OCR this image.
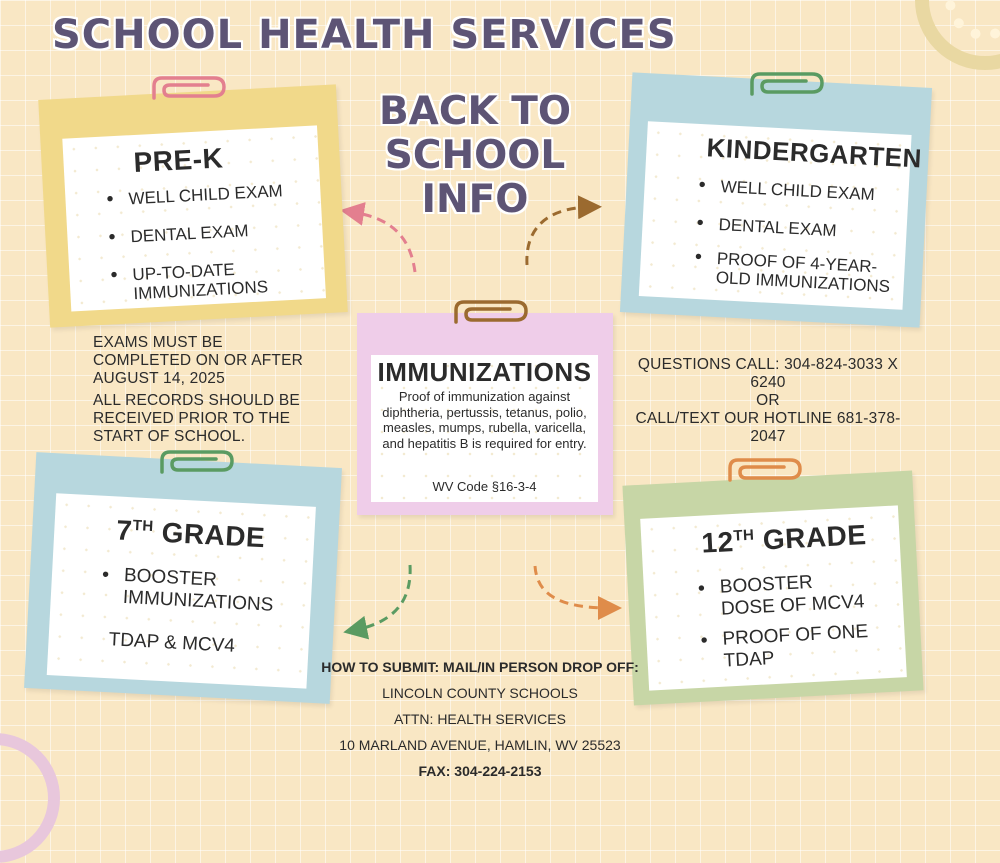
SCHOOL HEALTH SERVICES
BACK TO
SCHOOL
INFO
PRE-K
• WELL CHILD EXAM
• DENTAL EXAM
• UP-TO-DATE IMMUNIZATIONS
KINDERGARTEN
• WELL CHILD EXAM
• DENTAL EXAM
• PROOF OF 4-YEAR-OLD IMMUNIZATIONS
IMMUNIZATIONS
Proof of immunization against diphtheria, pertussis, tetanus, polio, measles, mumps, rubella, varicella, and hepatitis B is required for entry.
WV Code §16-3-4
EXAMS MUST BE COMPLETED ON OR AFTER AUGUST 14, 2025
ALL RECORDS SHOULD BE RECEIVED PRIOR TO THE START OF SCHOOL.
QUESTIONS CALL: 304-824-3033 X 6240
OR
CALL/TEXT OUR HOTLINE 681-378-2047
7TH GRADE
• BOOSTER IMMUNIZATIONS
TDAP & MCV4
12TH GRADE
• BOOSTER DOSE OF MCV4
• PROOF OF ONE TDAP
HOW TO SUBMIT: MAIL/IN PERSON DROP OFF:
LINCOLN COUNTY SCHOOLS
ATTN: HEALTH SERVICES
10 MARLAND AVENUE, HAMLIN, WV 25523
FAX: 304-224-2153
